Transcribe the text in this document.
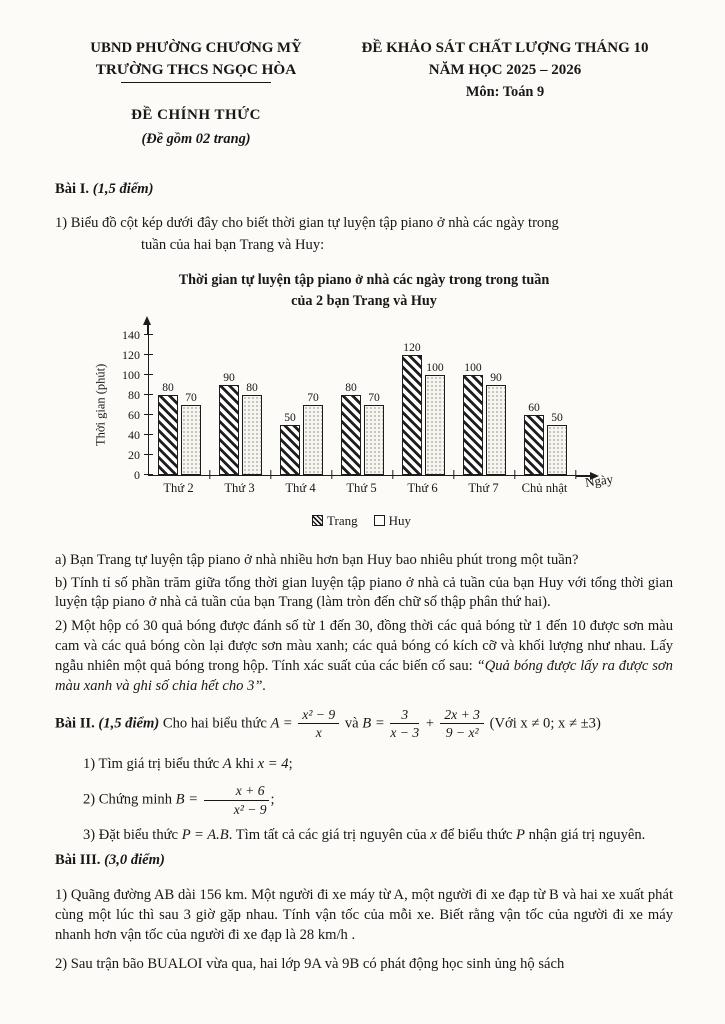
UBND PHƯỜNG CHƯƠNG MỸ
TRƯỜNG THCS NGỌC HÒA
ĐỀ CHÍNH THỨC
(Đề gồm 02 trang)
ĐỀ KHẢO SÁT CHẤT LƯỢNG THÁNG 10
NĂM HỌC 2025 – 2026
Môn: Toán 9

Bài I. (1,5 điểm)

1) Biểu đồ cột kép dưới đây cho biết thời gian tự luyện tập piano ở nhà các ngày trong
tuần của hai bạn Trang và Huy:
Thời gian tự luyện tập piano ở nhà các ngày trong trong tuần
của 2 bạn Trang và Huy
Thời gian (phút)
0
20
40
60
80
100
120
140
80
70
90
80
50
70
80
70
120
100 100
90
60
50
Thứ 2	Thứ 3	Thứ 4	Thứ 5	Thứ 6	Thứ 7	Chủ nhật	Ngày
Trang Huy
a) Bạn Trang tự luyện tập piano ở nhà nhiều hơn bạn Huy bao nhiêu phút trong một tuần?
b) Tính tỉ số phần trăm giữa tổng thời gian luyện tập piano ở nhà cả tuần của bạn Huy với tổng thời gian luyện tập piano ở nhà cả tuần của bạn Trang (làm tròn đến chữ số thập phân thứ hai).
2) Một hộp có 30 quả bóng được đánh số từ 1 đến 30, đồng thời các quả bóng từ 1 đến 10 được sơn màu cam và các quả bóng còn lại được sơn màu xanh; các quả bóng có kích cỡ và khối lượng như nhau. Lấy ngẫu nhiên một quả bóng trong hộp. Tính xác suất của các biến cố sau: “Quả bóng được lấy ra được sơn màu xanh và ghi số chia hết cho 3”.

Bài II. (1,5 điểm) Cho hai biểu thức $A = \frac{\text{x² − 9}}{x}$ và $B = \frac{3}{x - 3} + \frac{2x + 3}{\text{9 − x²}}$ (Với x ≠ 0; x ≠ ±3)

1) Tìm giá trị biểu thức A khi x = 4;
2) Chứng minh $B = \frac{x + 6}{\text{x² − 9}}$ ;
3) Đặt biểu thức P = A.B. Tìm tất cả các giá trị nguyên của x để biểu thức P nhận giá trị nguyên.

Bài III. (3,0 điểm)

1) Quãng đường AB dài 156 km. Một người đi xe máy từ A, một người đi xe đạp từ B và hai xe xuất phát cùng một lúc thì sau 3 giờ gặp nhau. Tính vận tốc của mỗi xe. Biết rằng vận tốc của người đi xe máy nhanh hơn vận tốc của người đi xe đạp là 28 km/h .
2) Sau trận bão BUALOI vừa qua, hai lớp 9A và 9B có phát động học sinh ủng hộ sách
